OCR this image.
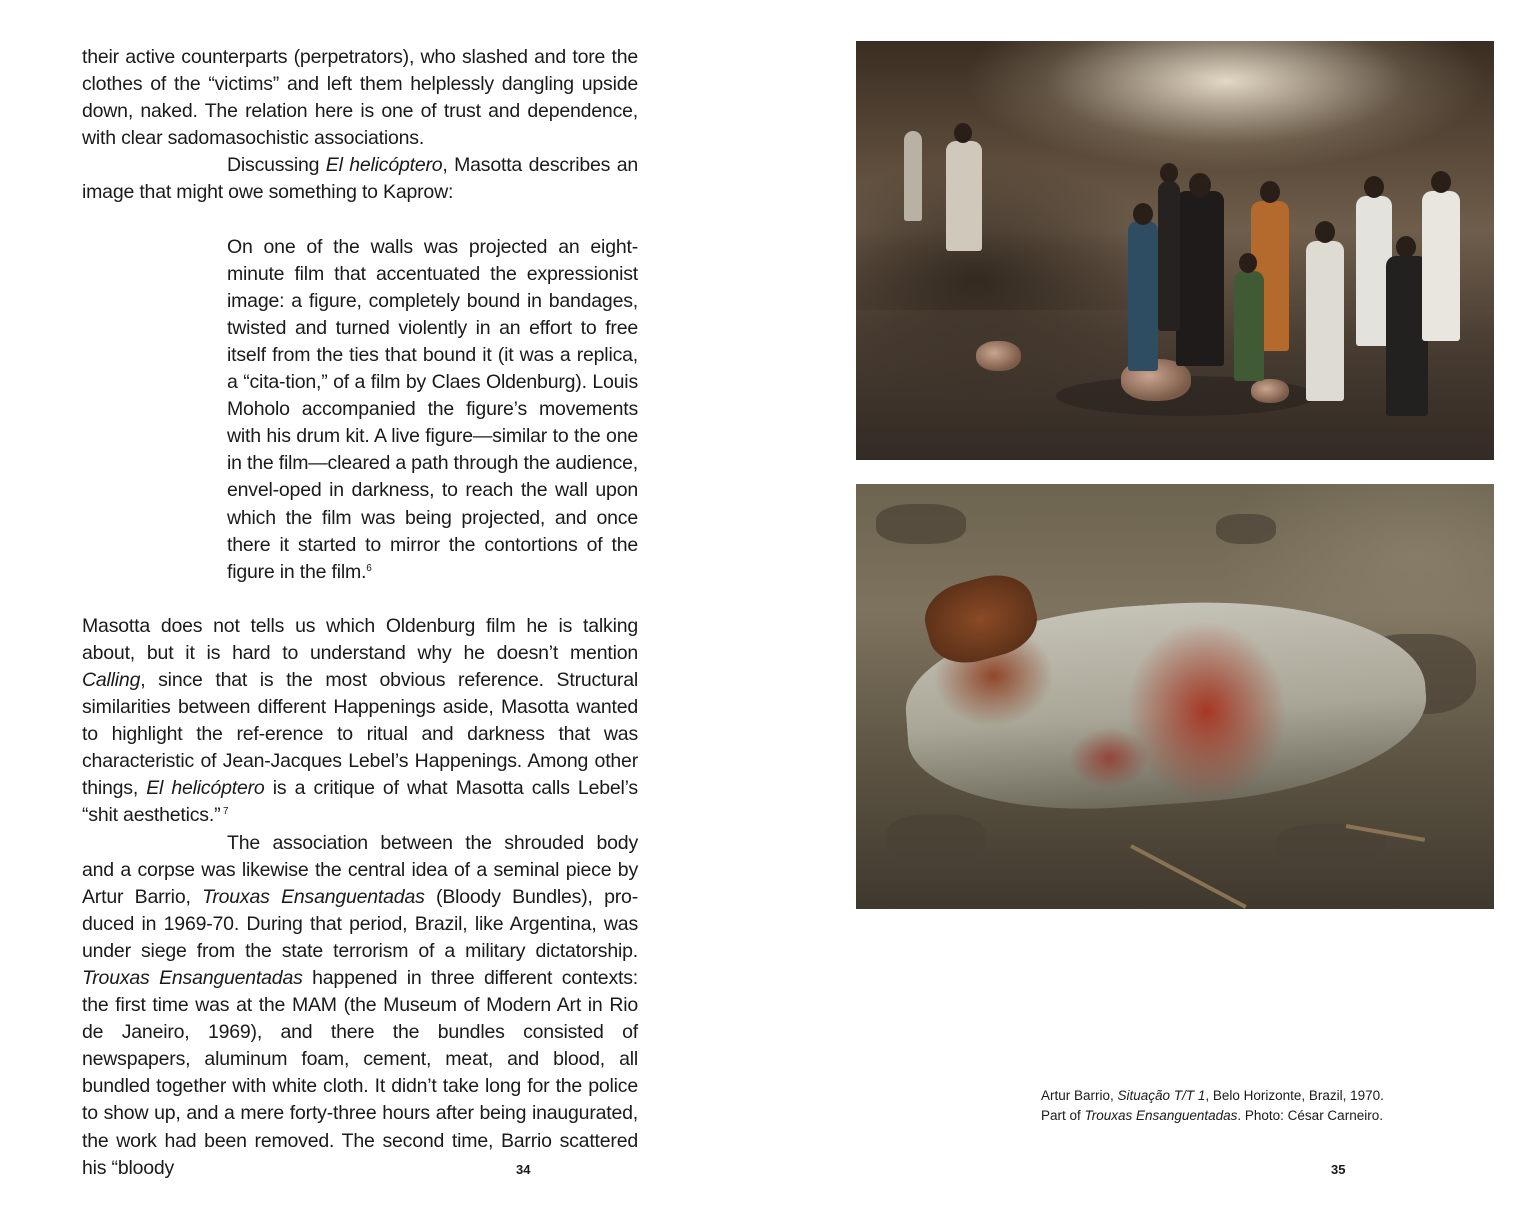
their active counterparts (perpetrators), who slashed and tore the clothes of the “victims” and left them helplessly dangling upside down, naked. The relation here is one of trust and dependence, with clear sadomasochistic associations.

Discussing El helicóptero, Masotta describes an image that might owe something to Kaprow:

On one of the walls was projected an eight-minute film that accentuated the expressionist image: a figure, completely bound in bandages, twisted and turned violently in an effort to free itself from the ties that bound it (it was a replica, a “cita-tion,” of a film by Claes Oldenburg). Louis Moholo accompanied the figure’s movements with his drum kit. A live figure—similar to the one in the film—cleared a path through the audience, envel-oped in darkness, to reach the wall upon which the film was being projected, and once there it started to mirror the contortions of the figure in the film.$^6$

Masotta does not tells us which Oldenburg film he is talking about, but it is hard to understand why he doesn’t mention Calling, since that is the most obvious reference. Structural similarities between different Happenings aside, Masotta wanted to highlight the ref-erence to ritual and darkness that was characteristic of Jean-Jacques Lebel’s Happenings. Among other things, El helicóptero is a critique of what Masotta calls Lebel’s “shit aesthetics.” $^7$

The association between the shrouded body and a corpse was likewise the central idea of a seminal piece by Artur Barrio, Trouxas Ensanguentadas (Bloody Bundles), pro-duced in 1969-70. During that period, Brazil, like Argentina, was under siege from the state terrorism of a military dictatorship. Trouxas Ensanguentadas happened in three different contexts: the first time was at the MAM (the Museum of Modern Art in Rio de Janeiro, 1969), and there the bundles consisted of newspapers, aluminum foam, cement, meat, and blood, all bundled together with white cloth. It didn’t take long for the police to show up, and a mere forty-three hours after being inaugurated, the work had been removed. The second time, Barrio scattered his “bloody	34

Artur Barrio, Situação T/T 1, Belo Horizonte, Brazil, 1970.

Part of Trouxas Ensanguentadas. Photo: César Carneiro.

35
